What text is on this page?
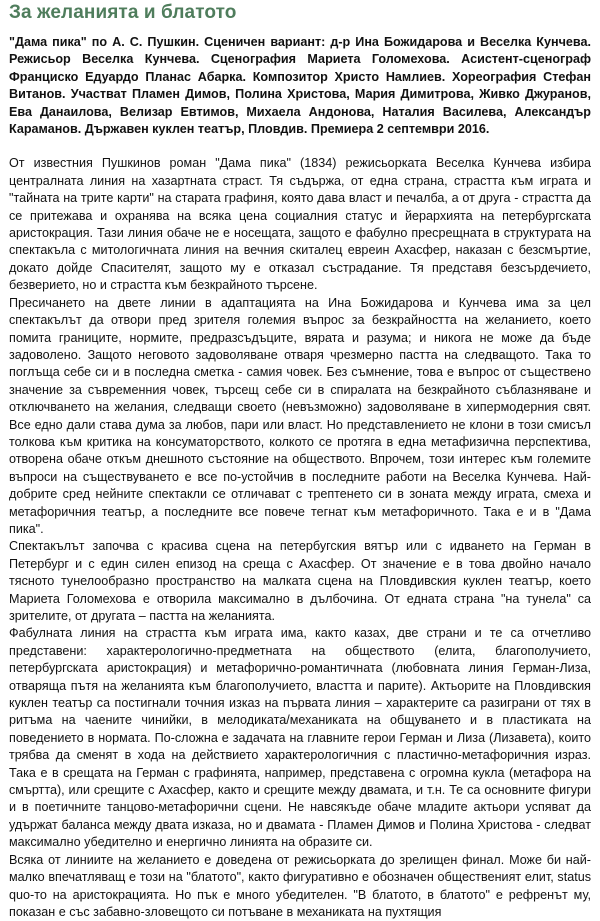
За желанията и блатото

"Дама пика" по А. С. Пушкин. Сценичен вариант: д-р Ина Божидарова и Веселка Кунчева. Режисьор Веселка Кунчева. Сценография Мариета Голомехова. Асистент-сценограф Франциско Едуардо Планас Абарка. Композитор Христо Намлиев. Хореография Стефан Витанов. Участват Пламен Димов, Полина Христова, Мария Димитрова, Живко Джуранов, Ева Данаилова, Велизар Евтимов, Михаела Андонова, Наталия Василева, Александър Караманов. Държавен куклен театър, Пловдив. Премиера 2 септември 2016.

От известния Пушкинов роман "Дама пика" (1834) режисьорката Веселка Кунчева избира централната линия на хазартната страст. Тя съдържа, от една страна, страстта към играта и "тайната на трите карти" на старата графиня, която дава власт и печалба, а от друга - страстта да се притежава и охранява на всяка цена социалния статус и йерархията на петербургската аристокрация. Тази линия обаче не е носещата, защото е фабулно пресрещната в структурата на спектакъла с митологичната линия на вечния скиталец евреин Ахасфер, наказан с безсмъртие, докато дойде Спасителят, защото му е отказал състрадание. Тя представя безсърдечието, безверието, но и страстта към безкрайното търсене.

Пресичането на двете линии в адаптацията на Ина Божидарова и Кунчева има за цел спектакълът да отвори пред зрителя големия въпрос за безкрайността на желанието, което помита границите, нормите, предразсъдъците, вярата и разума; и никога не може да бъде задоволено. Защото неговото задоволяване отваря чрезмерно пастта на следващото. Така то поглъща себе си и в последна сметка - самия човек. Без съмнение, това е въпрос от съществено значение за съвременния човек, търсещ себе си в спиралата на безкрайното съблазняване и отключването на желания, следващи своето (невъзможно) задоволяване в хипермодерния свят. Все едно дали става дума за любов, пари или власт. Но представлението не клони в този смисъл толкова към критика на консуматорството, колкото се протяга в една метафизична перспектива, отворена обаче откъм днешното състояние на обществото. Впрочем, този интерес към големите въпроси на съществуването е все по-устойчив в последните работи на Веселка Кунчева. Най-добрите сред нейните спектакли се отличават с трептенето си в зоната между играта, смеха и метафоричния театър, а последните все повече тегнат към метафоричното. Така е и в "Дама пика".

Спектакълът започва с красива сцена на петербугския вятър или с идването на Герман в Петербург и с един силен епизод на среща с Ахасфер. От значение е в това двойно начало тясното тунелообразно пространство на малката сцена на Пловдивския куклен театър, което Мариета Голомехова е отворила максимално в дълбочина. От едната страна "на тунела" са зрителите, от другата – пастта на желанията.

Фабулната линия на страстта към играта има, както казах, две страни и те са отчетливо представени: характерологично-предметната на обществото (елита, благополучието, петербургската аристокрация) и метафорично-романтичната (любовната линия Герман-Лиза, отваряща пътя на желанията към благополучието, властта и парите). Актьорите на Пловдивския куклен театър са постигнали точния изказ на първата линия – характерите са разиграни от тях в ритъма на чаените чинийки, в мелодиката/механиката на общуването и в пластиката на поведението в нормата. По-сложна е задачата на главните герои Герман и Лиза (Лизавета), които трябва да сменят в хода на действието характерологичния с пластично-метафоричния израз. Така е в срещата на Герман с графинята, например, представена с огромна кукла (метафора на смъртта), или срещите с Ахасфер, както и срещите между двамата, и т.н. Те са основните фигури и в поетичните танцово-метафорични сцени. Не навсякъде обаче младите актьори успяват да удържат баланса между двата изказа, но и двамата - Пламен Димов и Полина Христова - следват максимално убедително и енергично линията на образите си.

Всяка от линиите на желанието е доведена от режисьорката до зрелищен финал. Може би най-малко впечатляващ е този на "блатото", както фигуративно е обозначен общественият елит, status quo-то на аристокрацията. Но пък е много убедителен. "В блатото, в блатото" е рефренът му, показан е със забавно-зловещото си потъване в механиката на пухтящия
